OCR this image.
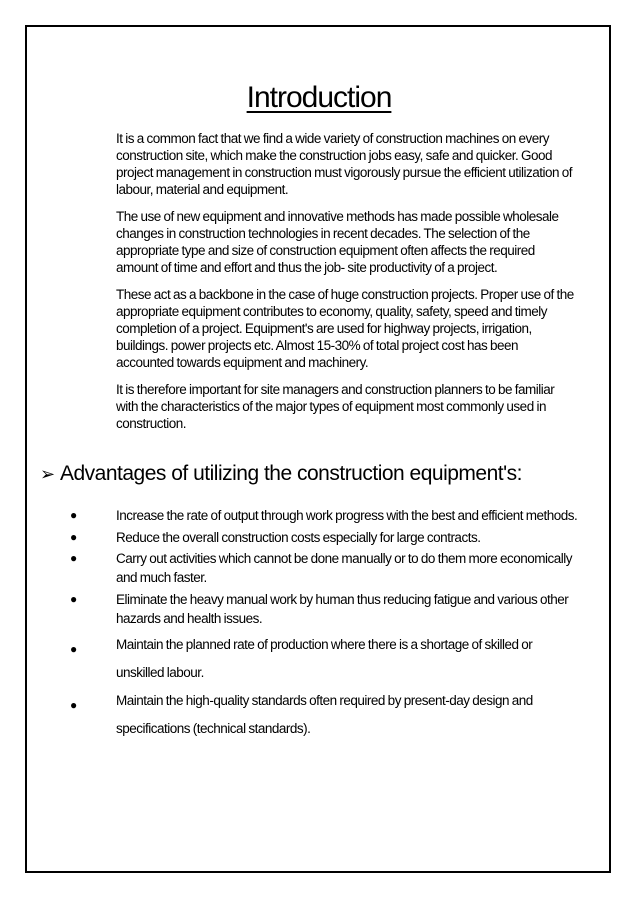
Introduction

It is a common fact that we find a wide variety of construction machines on every construction site, which make the construction jobs easy, safe and quicker. Good project management in construction must vigorously pursue the efficient utilization of labour, material and equipment.

The use of new equipment and innovative methods has made possible wholesale changes in construction technologies in recent decades. The selection of the appropriate type and size of construction equipment often affects the required amount of time and effort and thus the job- site productivity of a project.

These act as a backbone in the case of huge construction projects. Proper use of the appropriate equipment contributes to economy, quality, safety, speed and timely completion of a project. Equipment's are used for highway projects, irrigation, buildings. power projects etc. Almost 15-30% of total project cost has been accounted towards equipment and machinery.

It is therefore important for site managers and construction planners to be familiar with the characteristics of the major types of equipment most commonly used in construction.

➢ Advantages of utilizing the construction equipment's:
●	Increase the rate of output through work progress with the best and efficient methods.
●	Reduce the overall construction costs especially for large contracts.
●	Carry out activities which cannot be done manually or to do them more economically and much faster.
●	Eliminate the heavy manual work by human thus reducing fatigue and various other hazards and health issues.
●	Maintain the planned rate of production where there is a shortage of skilled or unskilled labour.
●	Maintain the high-quality standards often required by present-day design and specifications (technical standards).
